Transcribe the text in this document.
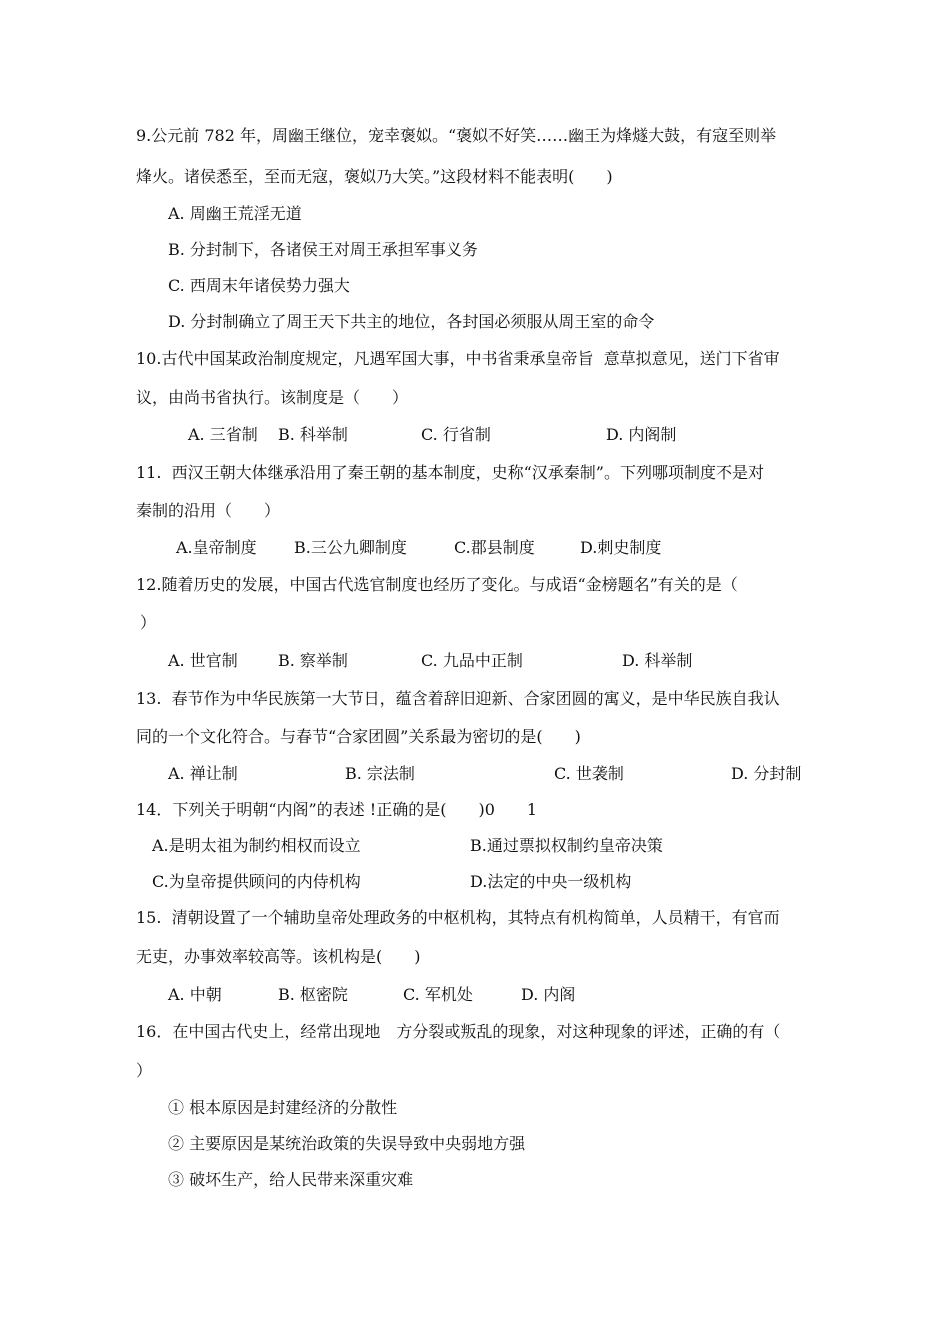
9.公元前 782 年，周幽王继位，宠幸褒姒。“褒姒不好笑……幽王为烽燧大鼓，有寇至则举
烽火。诸侯悉至，至而无寇，褒姒乃大笑。”这段材料不能表明(　　)
A. 周幽王荒淫无道
B. 分封制下，各诸侯王对周王承担军事义务
C. 西周末年诸侯势力强大
D. 分封制确立了周王天下共主的地位，各封国必须服从周王室的命令
10.古代中国某政治制度规定，凡遇军国大事，中书省秉承皇帝旨  意草拟意见，送门下省审
议，由尚书省执行。该制度是（　　）
A. 三省制 B. 科举制	C. 行省制	D. 内阁制
11.  西汉王朝大体继承沿用了秦王朝的基本制度，史称“汉承秦制”。下列哪项制度不是对
秦制的沿用（　　）
A.皇帝制度 B.三公九卿制度	C.郡县制度	D.刺史制度
12.随着历史的发展，中国古代选官制度也经历了变化。与成语“金榜题名”有关的是（
）
A. 世官制	B. 察举制	C. 九品中正制	D. 科举制
13.  春节作为中华民族第一大节日，蕴含着辞旧迎新、合家团圆的寓义，是中华民族自我认
同的一个文化符合。与春节“合家团圆”关系最为密切的是(　　)
A. 禅让制	B. 宗法制	C. 世袭制	D. 分封制
14．下列关于明朝“内阁”的表述 !正确的是(　　)0　　1
A.是明太祖为制约相权而设立	B.通过票拟权制约皇帝决策
C.为皇帝提供顾问的内侍机构	D.法定的中央一级机构
15.  清朝设置了一个辅助皇帝处理政务的中枢机构，其特点有机构简单，人员精干，有官而
无吏，办事效率较高等。该机构是(　　)
A. 中朝	B. 枢密院	C. 军机处	D. 内阁
16．在中国古代史上，经常出现地　方分裂或叛乱的现象，对这种现象的评述，正确的有（
）
① 根本原因是封建经济的分散性
② 主要原因是某统治政策的失误导致中央弱地方强
③ 破坏生产，给人民带来深重灾难
